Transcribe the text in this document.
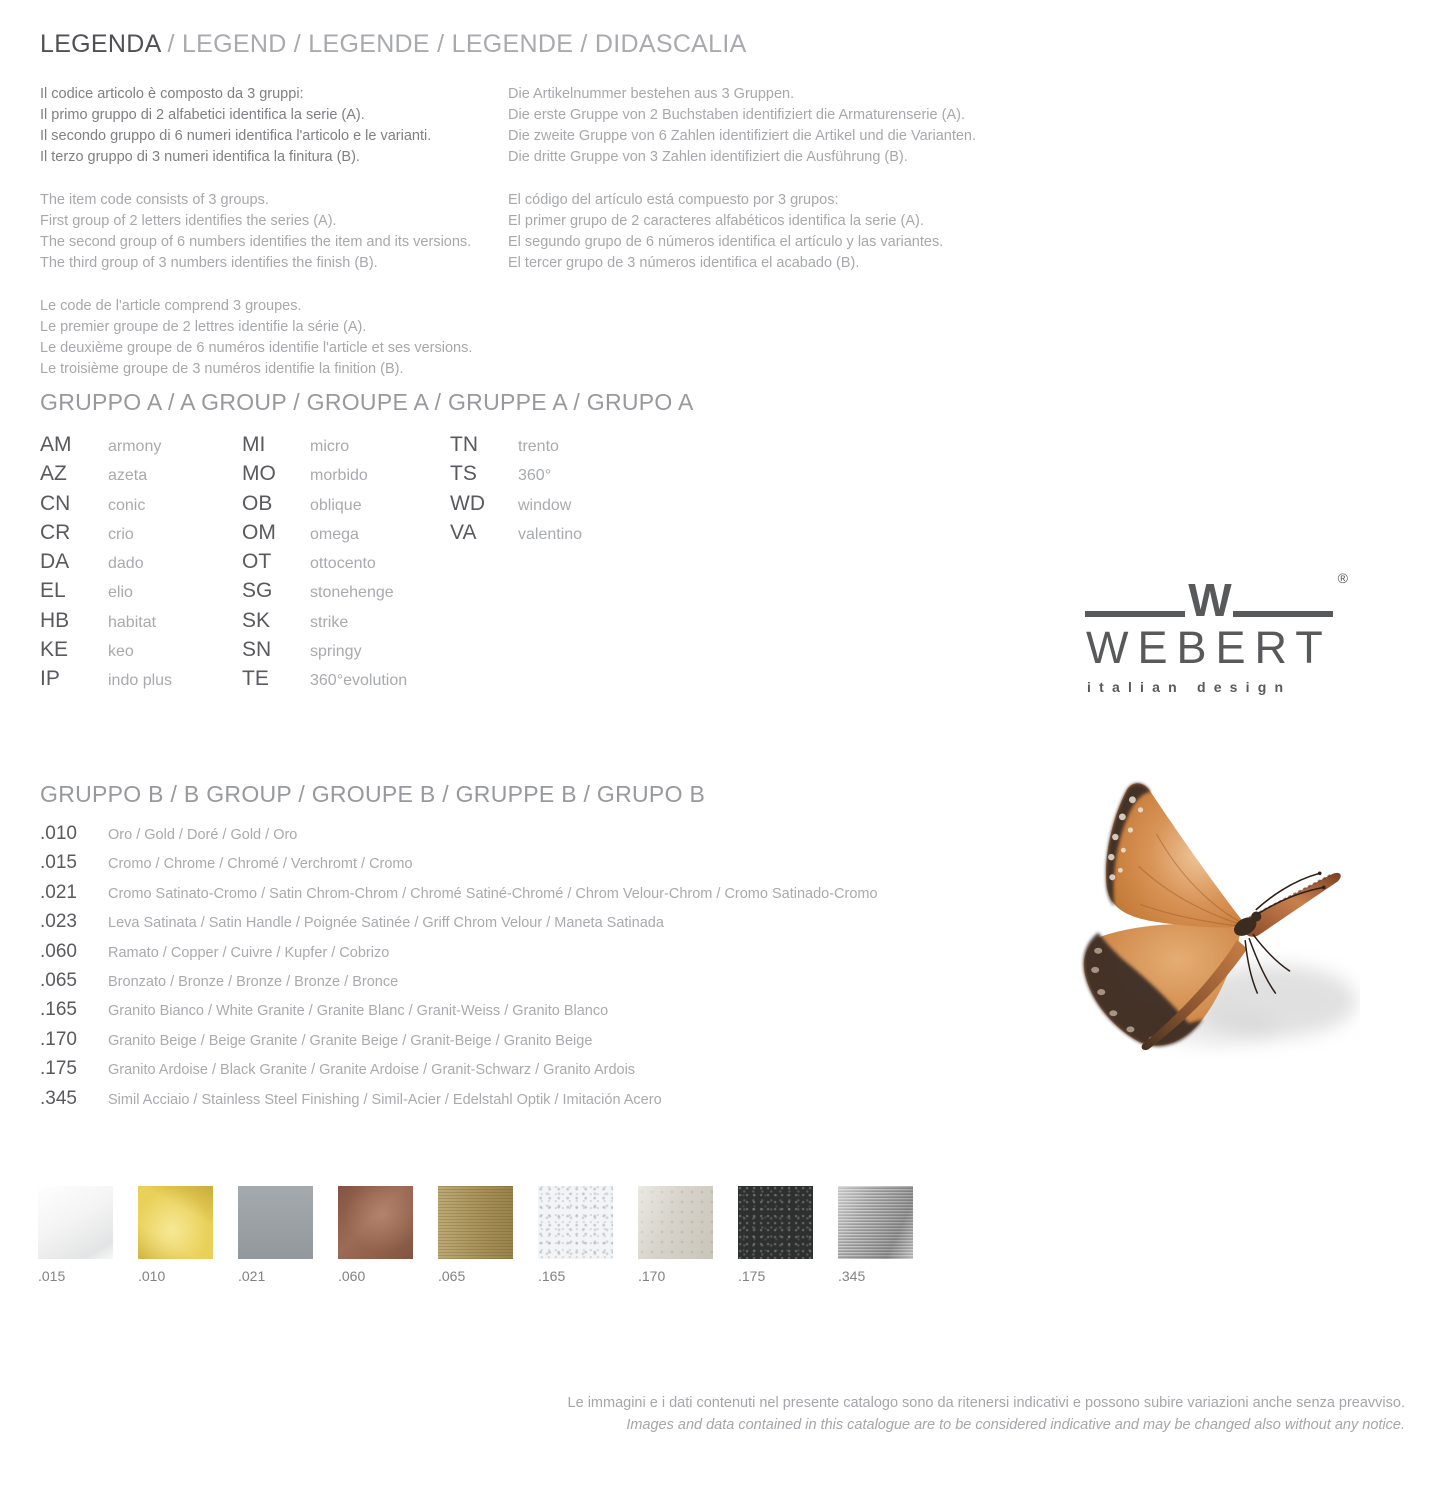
LEGENDA / LEGEND / LEGENDE / LEGENDE / DIDASCALIA
Il codice articolo è composto da 3 gruppi:
Il primo gruppo di 2 alfabetici identifica la serie (A).
Il secondo gruppo di 6 numeri identifica l'articolo e le varianti.
Il terzo gruppo di 3 numeri identifica la finitura (B).
The item code consists of 3 groups.
First group of 2 letters identifies the series (A).
The second group of 6 numbers identifies the item and its versions.
The third group of 3 numbers identifies the finish (B).
Le code de l'article comprend 3 groupes.
Le premier groupe de 2 lettres identifie la série (A).
Le deuxième groupe de 6 numéros identifie l'article et ses versions.
Le troisième groupe de 3 numéros identifie la finition (B).
Die Artikelnummer bestehen aus 3 Gruppen.
Die erste Gruppe von 2 Buchstaben identifiziert die Armaturenserie (A).
Die zweite Gruppe von 6 Zahlen identifiziert die Artikel und die Varianten.
Die dritte Gruppe von 3 Zahlen identifiziert die Ausführung (B).
El código del artículo está compuesto por 3 grupos:
El primer grupo de 2 caracteres alfabéticos identifica la serie (A).
El segundo grupo de 6 números identifica el artículo y las variantes.
El tercer grupo de 3 números identifica el acabado (B).
GRUPPO A / A GROUP / GROUPE A / GRUPPE A / GRUPO A
AM	armony
AZ	azeta
CN	conic
CR	crio
DA	dado
EL	elio
HB	habitat
KE	keo
IP	indo plus
MI	micro
MO	morbido
OB	oblique
OM	omega
OT	ottocento
SG	stonehenge
SK	strike
SN	springy
TE	360°evolution
TN	trento
TS	360°
WD	window
VA	valentino
W	®
WEBERT
italian design
GRUPPO B / B GROUP / GROUPE B / GRUPPE B / GRUPO B
.010	Oro / Gold / Doré / Gold / Oro
.015	Cromo / Chrome / Chromé / Verchromt / Cromo
.021	Cromo Satinato-Cromo / Satin Chrom-Chrom / Chromé Satiné-Chromé / Chrom Velour-Chrom / Cromo Satinado-Cromo
.023	Leva Satinata / Satin Handle / Poignée Satinée / Griff Chrom Velour / Maneta Satinada
.060	Ramato / Copper / Cuivre / Kupfer / Cobrizo
.065	Bronzato / Bronze / Bronze / Bronze / Bronce
.165	Granito Bianco / White Granite / Granite Blanc / Granit-Weiss / Granito Blanco
.170	Granito Beige / Beige Granite / Granite Beige / Granit-Beige / Granito Beige
.175	Granito Ardoise / Black Granite / Granite Ardoise / Granit-Schwarz / Granito Ardois
.345	Simil Acciaio / Stainless Steel Finishing / Simil-Acier / Edelstahl Optik / Imitación Acero
.015	.010	.021	.060	.065	.165	.170	.175	.345
Le immagini e i dati contenuti nel presente catalogo sono da ritenersi indicativi e possono subire variazioni anche senza preavviso.
Images and data contained in this catalogue are to be considered indicative and may be changed also without any notice.
